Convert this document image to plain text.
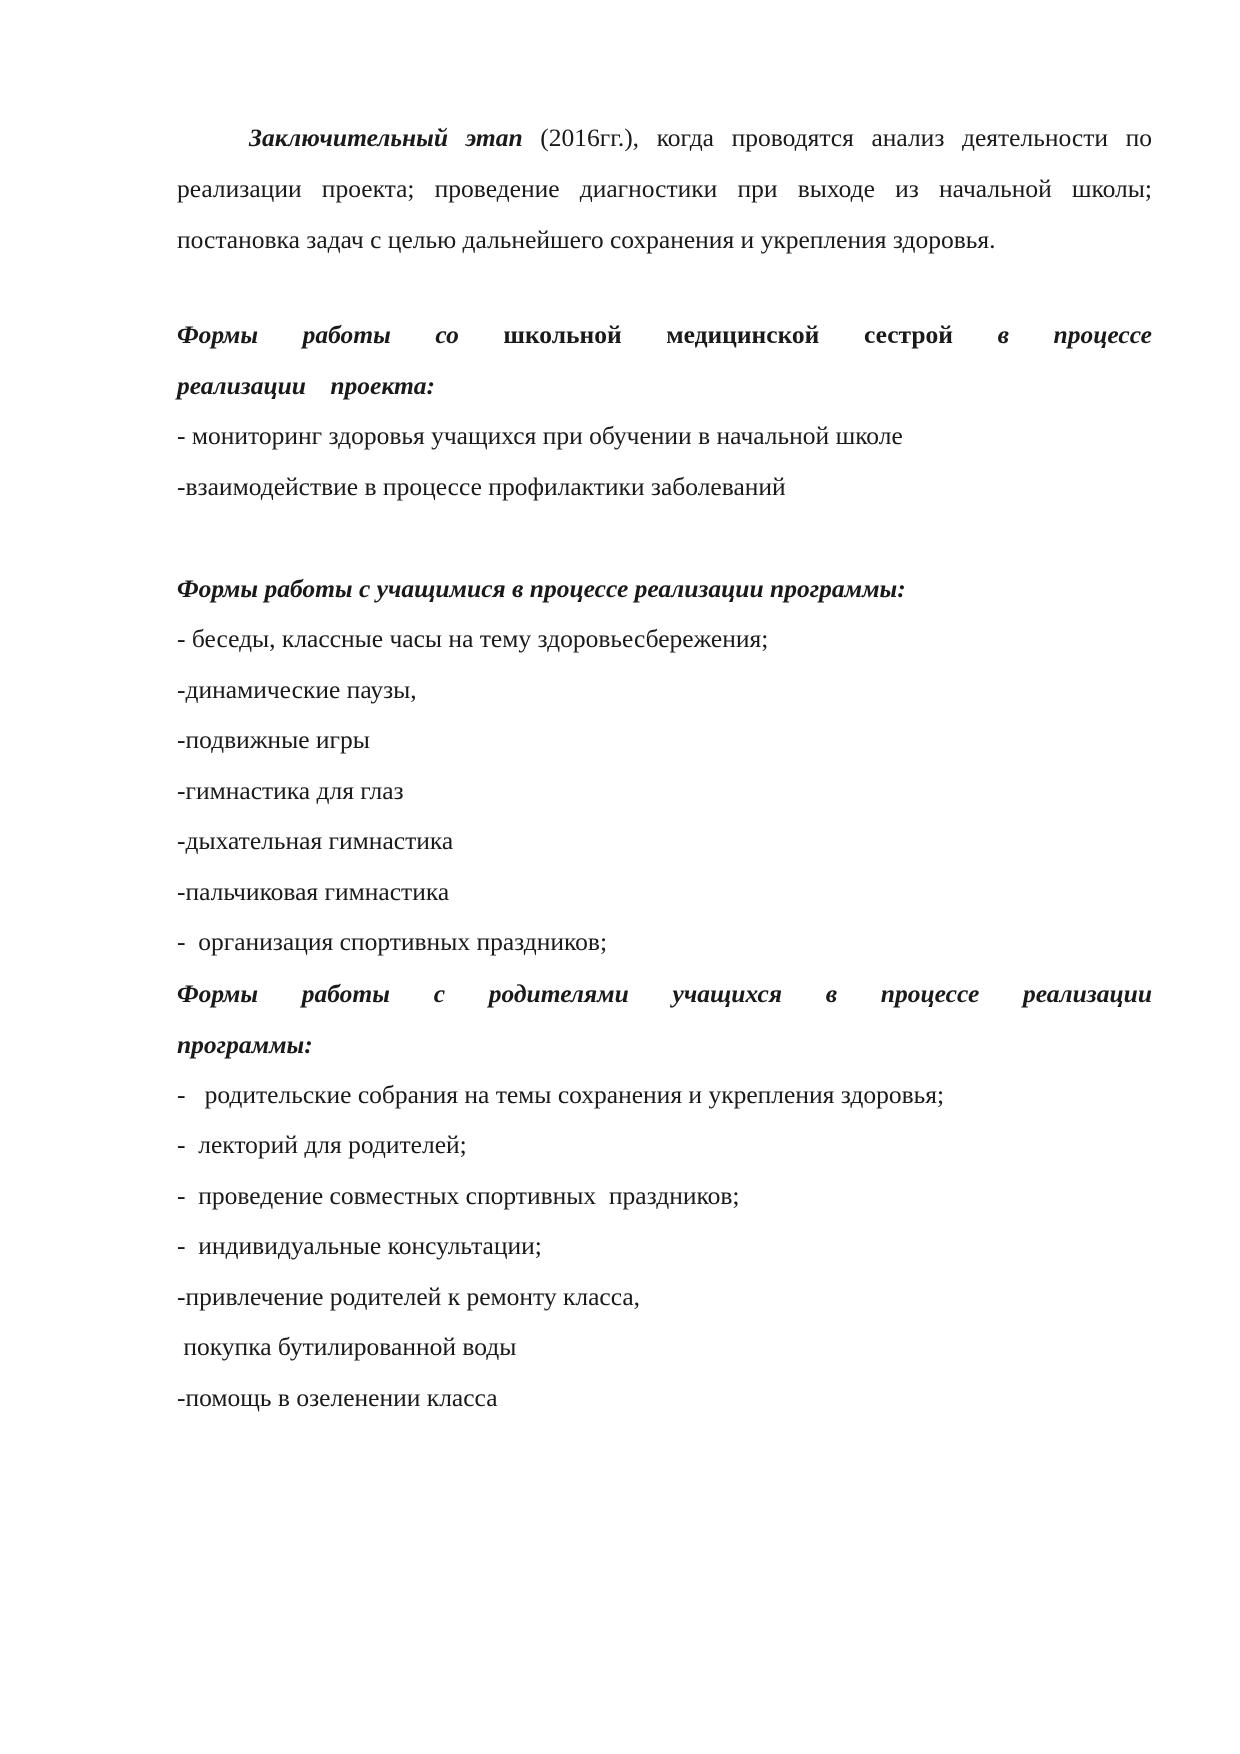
Заключительный этап (2016гг.), когда проводятся анализ деятельности по реализации проекта; проведение диагностики при выходе из начальной школы; постановка задач с целью дальнейшего сохранения и укрепления здоровья.

Формы работы со школьной медицинской сестрой в процессе реализации проекта:

- мониторинг здоровья учащихся при обучении в начальной школе
-взаимодействие в процессе профилактики заболеваний

Формы работы с учащимися в процессе реализации программы:

- беседы, классные часы на тему здоровьесбережения;
-динамические паузы,
-подвижные игры
-гимнастика для глаз
-дыхательная гимнастика
-пальчиковая гимнастика
-  организация спортивных праздников;

Формы работы с родителями учащихся в процессе реализации программы:

-   родительские собрания на темы сохранения и укрепления здоровья;
-  лекторий для родителей;
-  проведение совместных спортивных  праздников;
-  индивидуальные консультации;
-привлечение родителей к ремонту класса,
покупка бутилированной воды
-помощь в озеленении класса
